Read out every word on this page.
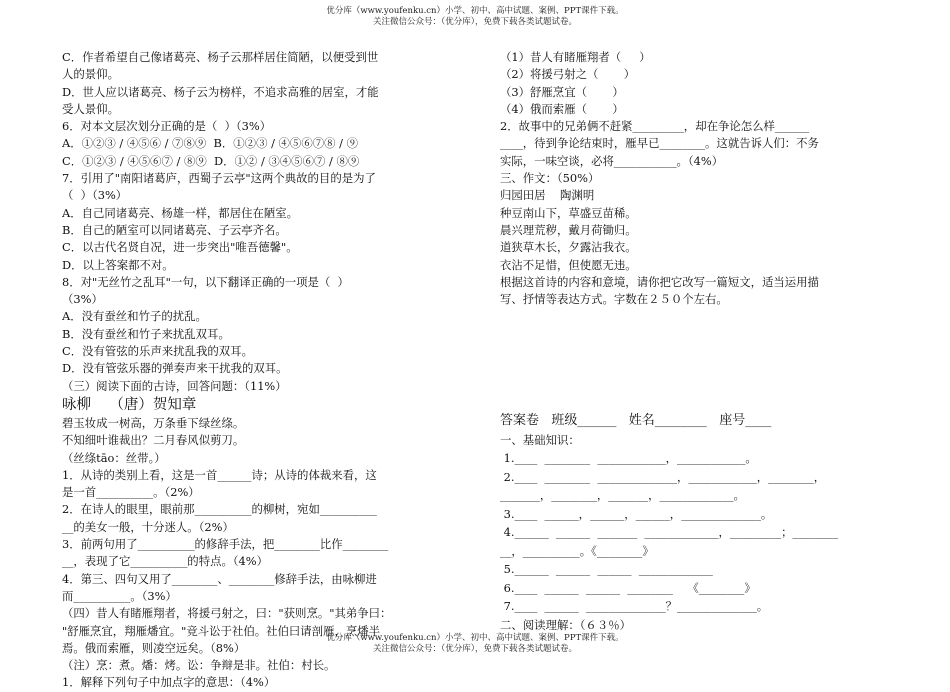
优分库（www.youfenku.cn）小学、初中、高中试题、案例、PPT课件下载。
关注微信公众号：（优分库），免费下载各类试题试卷。
C．作者希望自己像诸葛亮、杨子云那样居住简陋，以便受到世
人的景仰。
D．世人应以诸葛亮、杨子云为榜样，不追求高雅的居室，才能
受人景仰。
6．对本文层次划分正确的是（  ）（3%）
A．①②③ / ④⑤⑥ / ⑦⑧⑨  B．①②③ / ④⑤⑥⑦⑧ / ⑨
C．①②③ / ④⑤⑥⑦ / ⑧⑨  D．①② / ③④⑤⑥⑦ / ⑧⑨
7．引用了"南阳诸葛庐，西蜀子云亭"这两个典故的目的是为了
（  ）（3%）
A．自己同诸葛亮、杨雄一样，都居住在陋室。
B．自己的陋室可以同诸葛亮、子云亭齐名。
C．以古代名贤自况，进一步突出"唯吾德馨"。
D．以上答案都不对。
8．对"无丝竹之乱耳"一句，以下翻译正确的一项是（  ）
（3%）
A．没有蚕丝和竹子的扰乱。
B．没有蚕丝和竹子来扰乱双耳。
C．没有管弦的乐声来扰乱我的双耳。
D．没有管弦乐器的弹奏声来干扰我的双耳。
（三）阅读下面的古诗，回答问题：（11%）
咏柳    （唐）贺知章
碧玉妆成一树高，万条垂下绿丝绦。
不知细叶谁裁出？二月春风似剪刀。
（丝绦tāo：丝带。）
1．从诗的类别上看，这是一首______诗；从诗的体裁来看，这
是一首__________。（2%）
2．在诗人的眼里，眼前那__________的柳树，宛如__________
__的美女一般，十分迷人。（2%）
3．前两句用了__________的修辞手法，把________比作________
__，表现了它__________的特点。（4%）
4．第三、四句又用了________、________修辞手法，由咏柳进
而__________。（3%）
（四）昔人有睹雁翔者，将援弓射之，曰："获则烹。"其弟争曰：
"舒雁烹宜，翔雁燔宜。"竞斗讼于社伯。社伯曰请剖雁，烹燔半
焉。俄而索雁，则凌空远矣。（8%）
（注）烹：煮。燔：烤。讼：争辩是非。社伯：村长。
1．解释下列句子中加点字的意思：（4%）
（1）昔人有睹雁翔者（     ）
（2）将援弓射之（       ）
（3）舒雁烹宜（       ）
（4）俄而索雁（       ）
2．故事中的兄弟俩不赶紧_________，却在争论怎么样______
____，待到争论结束时，雁早已________。这就告诉人们：不务
实际，一味空谈，必将___________。（4%）
三、作文：（50%）
归园田居    陶渊明
种豆南山下，草盛豆苗稀。
晨兴理荒秽，戴月荷锄归。
道狭草木长，夕露沾我衣。
衣沾不足惜，但使愿无违。
根据这首诗的内容和意境，请你把它改写一篇短文，适当运用描
写、抒情等表达方式。字数在２５０个左右。
答案卷   班级______   姓名________   座号____
一、基础知识：
1.____  ________  ____________，____________。
2.____  ________  ______________，____________，________，
_______，________，_______，_____________。
3.____  ______，______，______，______________。
4.______  ______  _______  _____________，_________；________
__，__________。《________》
5.______  ______  ______  _____________
6.____  ______  ______  ________    《________》
7.____  ______  ______________？______________。
二、阅读理解：（６３％）
优分库（www.youfenku.cn）小学、初中、高中试题、案例、PPT课件下载。
关注微信公众号：（优分库），免费下载各类试题试卷。
